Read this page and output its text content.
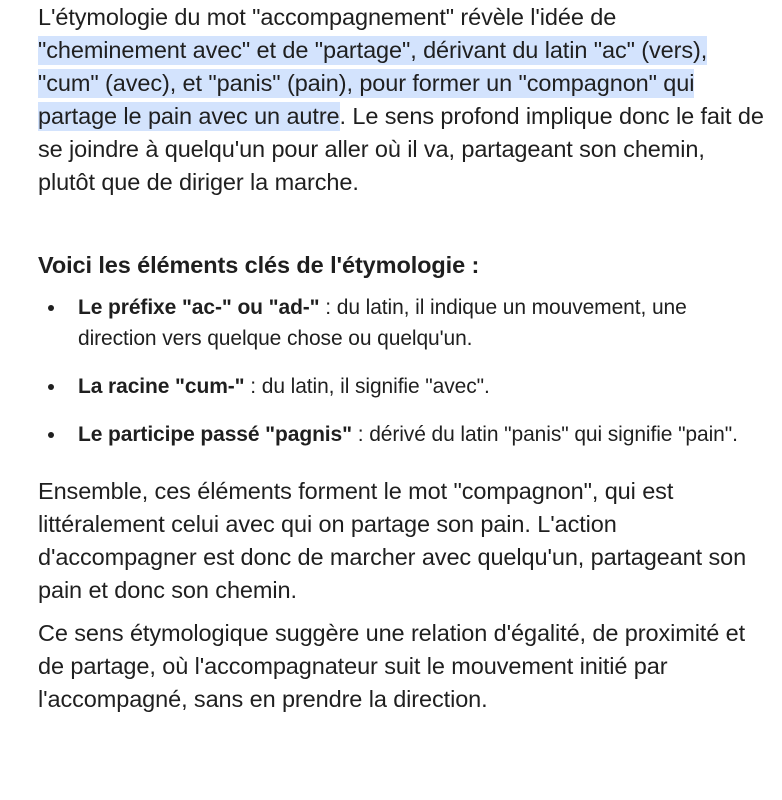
L'étymologie du mot "accompagnement" révèle l'idée de "cheminement avec" et de "partage", dérivant du latin "ac" (vers), "cum" (avec), et "panis" (pain), pour former un "compagnon" qui partage le pain avec un autre. Le sens profond implique donc le fait de se joindre à quelqu'un pour aller où il va, partageant son chemin, plutôt que de diriger la marche.

Voici les éléments clés de l'étymologie :
Le préfixe "ac-" ou "ad-" : du latin, il indique un mouvement, une direction vers quelque chose ou quelqu'un.
La racine "cum-" : du latin, il signifie "avec".
Le participe passé "pagnis" : dérivé du latin "panis" qui signifie "pain".

Ensemble, ces éléments forment le mot "compagnon", qui est littéralement celui avec qui on partage son pain. L'action d'accompagner est donc de marcher avec quelqu'un, partageant son pain et donc son chemin.

Ce sens étymologique suggère une relation d'égalité, de proximité et de partage, où l'accompagnateur suit le mouvement initié par l'accompagné, sans en prendre la direction.
